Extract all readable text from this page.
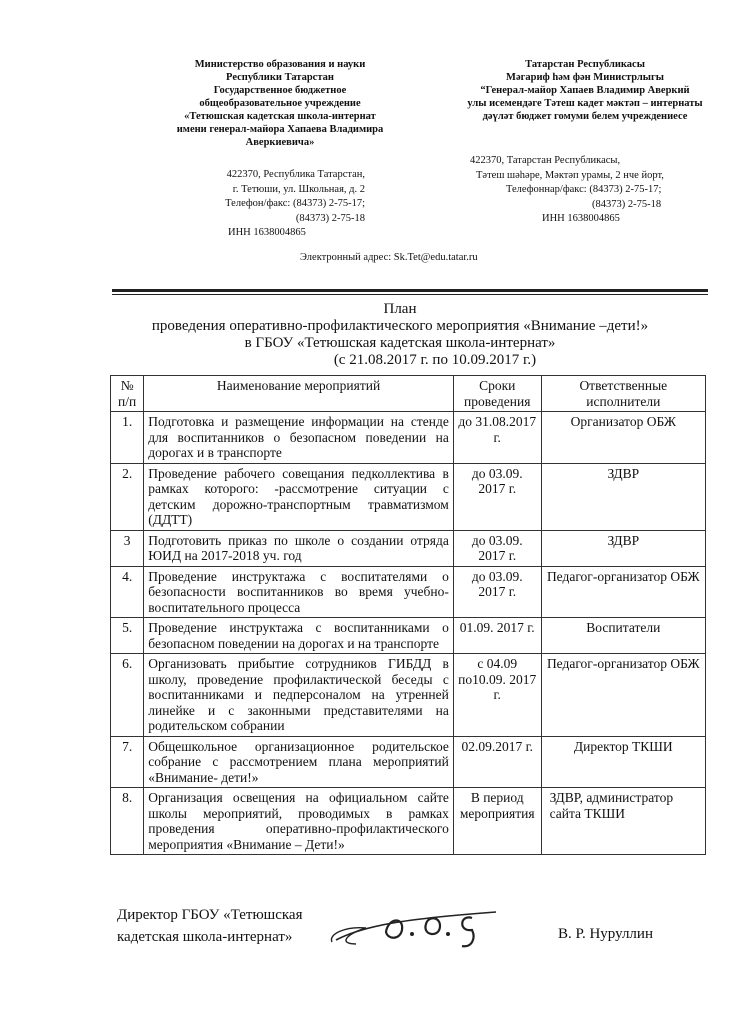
Министерство образования и науки
Республики Татарстан
Государственное бюджетное
общеобразовательное учреждение
«Тетюшская кадетская школа-интернат
имени генерал-майора Хапаева Владимира
Аверкиевича»
Татарстан Республикасы
Мәгариф һәм фән Министрлыгы
“Генерал-майор Хапаев Владимир Аверкий
улы исемендәге Тәтеш кадет мәктәп – интернаты
дәүләт бюджет гомуми белем учреждениесе
422370, Республика Татарстан,
г. Тетюши, ул. Школьная, д. 2
Телефон/факс: (84373) 2-75-17;
(84373) 2-75-18
ИНН 1638004865
422370, Татарстан Республикасы,
Тәтеш шәһәре, Мәктәп урамы, 2 нче йорт,
Телефоннар/факс: (84373) 2-75-17;
(84373) 2-75-18
ИНН 1638004865
Электронный адрес: Sk.Tet@edu.tatar.ru
План
проведения оперативно-профилактического мероприятия «Внимание –дети!»
в ГБОУ «Тетюшская кадетская школа-интернат»
(с 21.08.2017 г. по 10.09.2017 г.)
№ п/п	Наименование мероприятий	Сроки проведения	Ответственные исполнители
1.	Подготовка и размещение информации на стенде для воспитанников о безопасном поведении на дорогах и в транспорте	до 31.08.2017 г.	Организатор ОБЖ
2.	Проведение рабочего совещания педколлектива в рамках которого: -рассмотрение ситуации с детским дорожно-транспортным травматизмом (ДДТТ)	до 03.09. 2017 г.	ЗДВР
3	Подготовить приказ по школе о создании отряда ЮИД на 2017-2018 уч. год	до 03.09. 2017 г.	ЗДВР
4.	Проведение инструктажа с воспитателями о безопасности воспитанников во время учебно-воспитательного процесса	до 03.09. 2017 г.	Педагог-организатор ОБЖ
5.	Проведение инструктажа с воспитанниками о безопасном поведении на дорогах и на транспорте	01.09. 2017 г.	Воспитатели
6.	Организовать прибытие сотрудников ГИБДД в школу, проведение профилактической беседы с воспитанниками и педперсоналом на утренней линейке и с законными представителями на родительском собрании	с 04.09 по10.09. 2017 г.	Педагог-организатор ОБЖ
7.	Общешкольное организационное родительское собрание с рассмотрением плана мероприятий «Внимание- дети!»	02.09.2017 г.	Директор ТКШИ
8.	Организация освещения на официальном сайте школы мероприятий, проводимых в рамках проведения оперативно-профилактического мероприятия «Внимание – Дети!»	В период мероприятия	ЗДВР, администратор сайта ТКШИ
Директор ГБОУ «Тетюшская
кадетская школа-интернат»	В. Р. Нуруллин
